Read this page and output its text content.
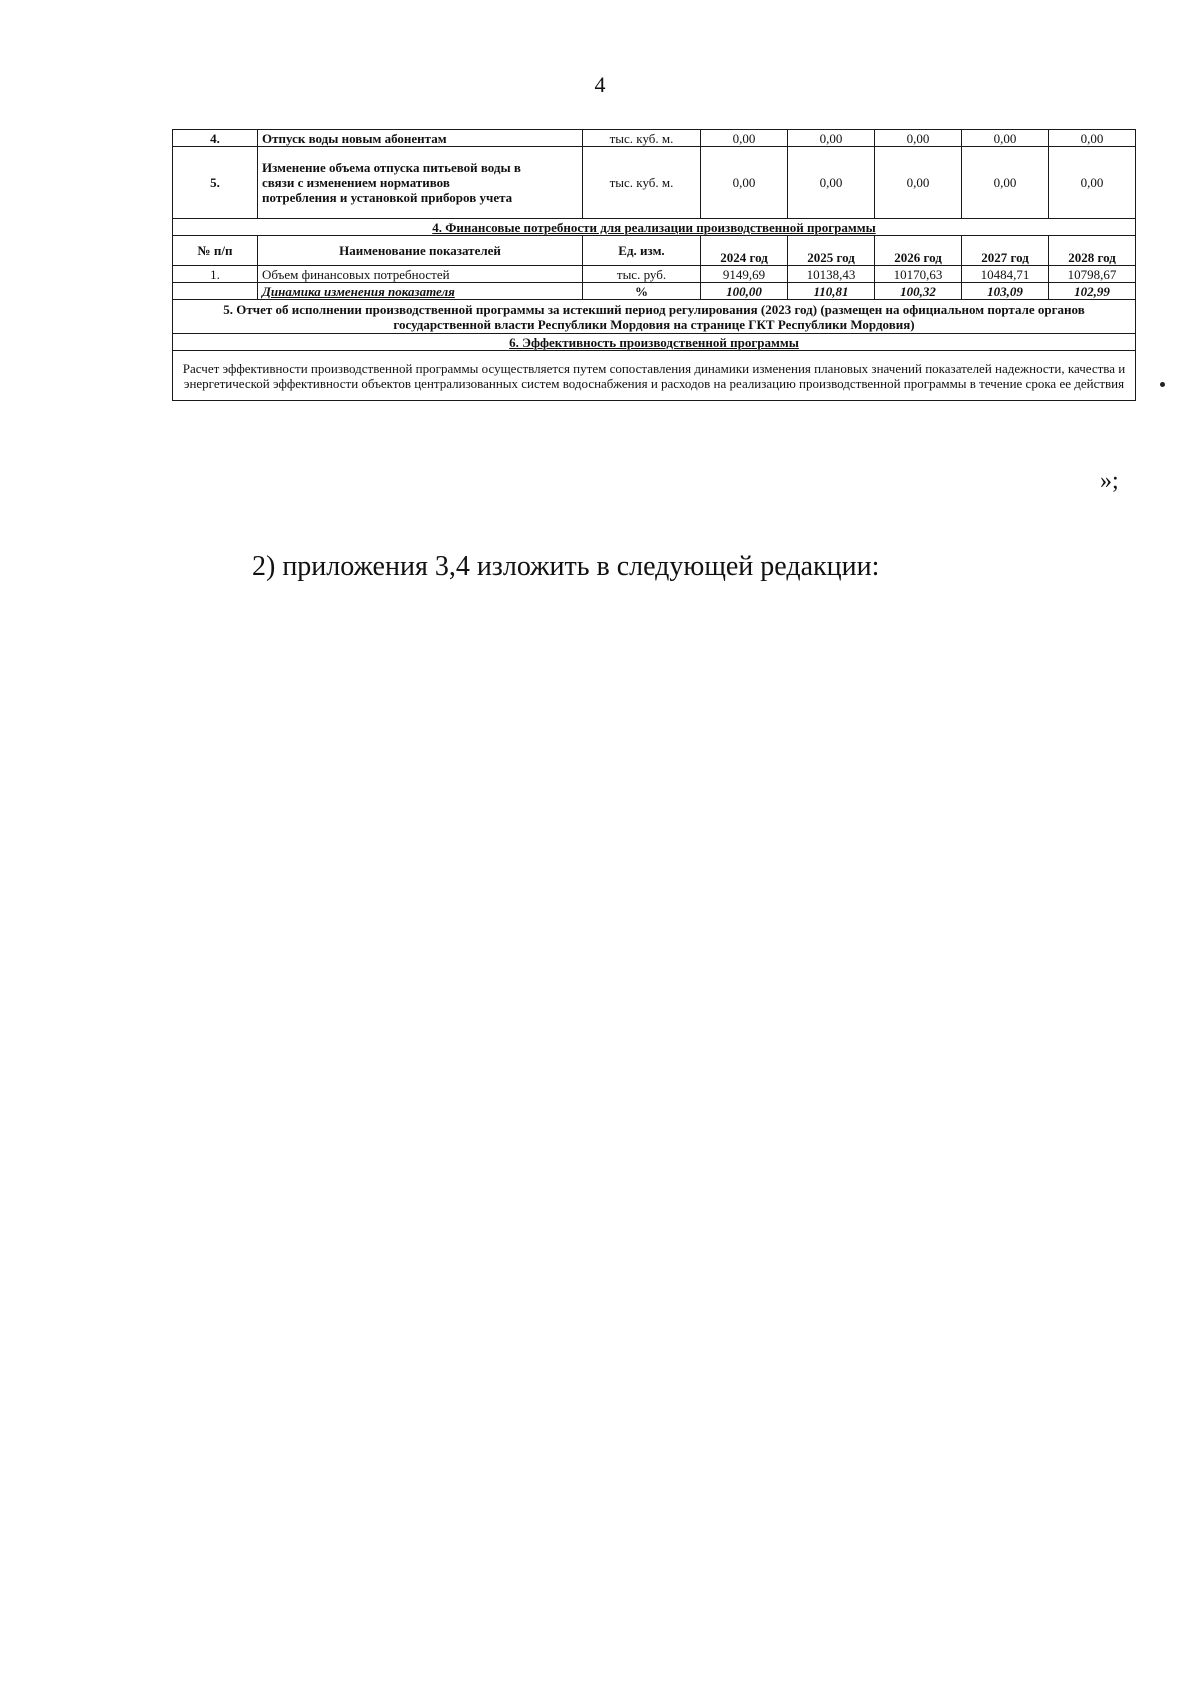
4
4.	Отпуск воды новым абонентам	тыс. куб. м.	0,00	0,00	0,00	0,00	0,00
5.	Изменение объема отпуска питьевой воды в связи с изменением нормативов потребления и установкой приборов учета	тыс. куб. м.	0,00	0,00	0,00	0,00	0,00
4. Финансовые потребности для реализации производственной программы							
№ п/п	Наименование показателей	Ед. изм.	2024 год	2025 год	2026 год	2027 год	2028 год
1.	Объем финансовых потребностей	тыс. руб.	9149,69	10138,43	10170,63	10484,71	10798,67
	Динамика изменения показателя	%	100,00	110,81	100,32	103,09	102,99
5. Отчет об исполнении производственной программы за истекший период регулирования (2023 год) (размещен на официальном портале органов государственной власти Республики Мордовия на странице ГКТ Республики Мордовия)							
6. Эффективность производственной программы							
Расчет эффективности производственной программы осуществляется путем сопоставления динамики изменения плановых значений показателей надежности, качества и энергетической эффективности объектов централизованных систем водоснабжения и расходов на реализацию производственной программы в течение срока ее действия							
»;
2) приложения 3,4 изложить в следующей редакции:
